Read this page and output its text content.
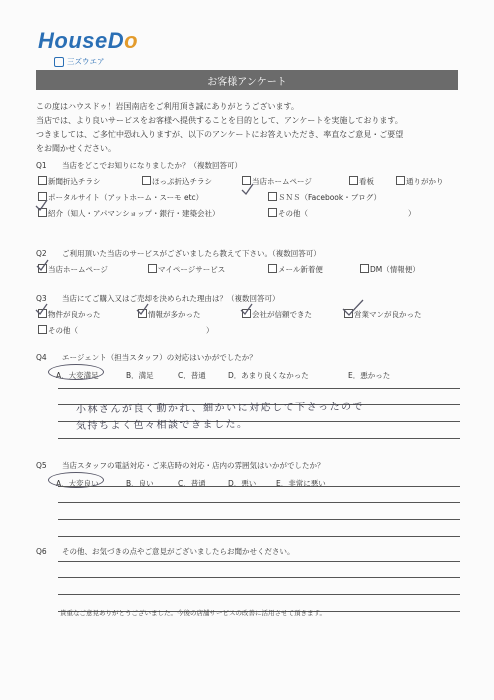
HouseDo
三ズウエア
お客様アンケート
この度はハウスドゥ！岩国南店をご利用頂き誠にありがとうございます。
当店では、より良いサービスをお客様へ提供することを目的として、アンケートを実施しております。
つきましては、ご多忙中恐れ入りますが、以下のアンケートにお答えいただき、率直なご意見・ご要望
をお聞かせください。
Q1	当店をどこでお知りになりましたか？（複数回答可）
新聞折込チラシ	ほっぷ折込チラシ	当店ホームページ	看板	通りがかり
ポータルサイト（アットホーム・スーモ etc）	ＳＮＳ（Facebook・ブログ）
紹介（知人・アパマンショップ・銀行・建築会社）	その他（	）
Q2	ご利用頂いた当店のサービスがございましたら教えて下さい。（複数回答可）
当店ホームページ	マイページサービス	メール新着便	DM（情報便）
Q3	当店にてご購入又はご売却を決められた理由は？（複数回答可）
物件が良かった	情報が多かった	会社が信頼できた	営業マンが良かった
その他（	）
Q4	エージェント（担当スタッフ）の対応はいかがでしたか？
A．大変満足	B．満足	C．普通	D．あまり良くなかった	E．悪かった
小林さんが良く動かれ、細かいに対応して下さったので
気持ちよく色々相談できました。
Q5	当店スタッフの電話対応・ご来店時の対応・店内の雰囲気はいかがでしたか？
A．大変良い	B．良い	C．普通	D．悪い	E．非常に悪い
Q6	その他、お気づきの点やご意見がございましたらお聞かせください。
貴重なご意見ありがとうございました。今後の店舗サービスの改善に活用させて頂きます。
